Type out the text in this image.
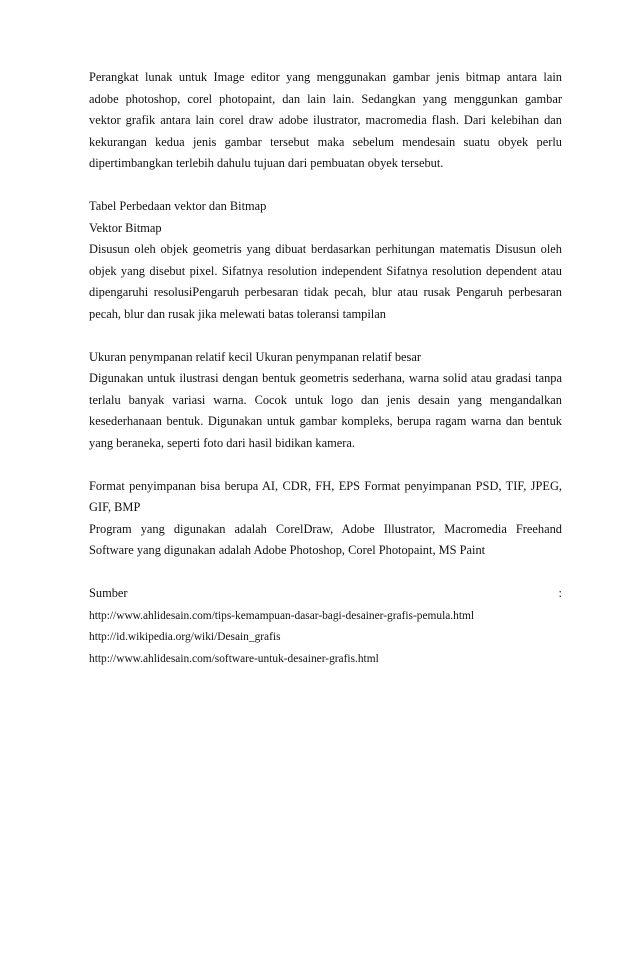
Perangkat lunak untuk Image editor yang menggunakan gambar jenis bitmap antara lain
adobe photoshop, corel photopaint, dan lain lain. Sedangkan yang menggunkan gambar
vektor grafik antara lain corel draw adobe ilustrator, macromedia flash. Dari kelebihan dan
kekurangan kedua jenis gambar tersebut maka sebelum mendesain suatu obyek perlu
dipertimbangkan terlebih dahulu tujuan dari pembuatan obyek tersebut.
Tabel Perbedaan vektor dan Bitmap
Vektor Bitmap
Disusun oleh objek geometris yang dibuat berdasarkan perhitungan matematis Disusun oleh
objek yang disebut pixel. Sifatnya resolution independent Sifatnya resolution dependent atau
dipengaruhi resolusiPengaruh perbesaran tidak pecah, blur atau rusak Pengaruh perbesaran
pecah, blur dan rusak jika melewati batas toleransi tampilan
Ukuran penympanan relatif kecil Ukuran penympanan relatif besar
Digunakan untuk ilustrasi dengan bentuk geometris sederhana, warna solid atau gradasi tanpa
terlalu banyak variasi warna. Cocok untuk logo dan jenis desain yang mengandalkan
kesederhanaan bentuk. Digunakan untuk gambar kompleks, berupa ragam warna dan bentuk
yang beraneka, seperti foto dari hasil bidikan kamera.
Format penyimpanan bisa berupa AI, CDR, FH, EPS Format penyimpanan PSD, TIF, JPEG,
GIF, BMP
Program yang digunakan adalah CorelDraw, Adobe Illustrator, Macromedia Freehand
Software yang digunakan adalah Adobe Photoshop, Corel Photopaint, MS Paint
Sumber	:
http://www.ahlidesain.com/tips-kemampuan-dasar-bagi-desainer-grafis-pemula.html
http://id.wikipedia.org/wiki/Desain_grafis
http://www.ahlidesain.com/software-untuk-desainer-grafis.html
